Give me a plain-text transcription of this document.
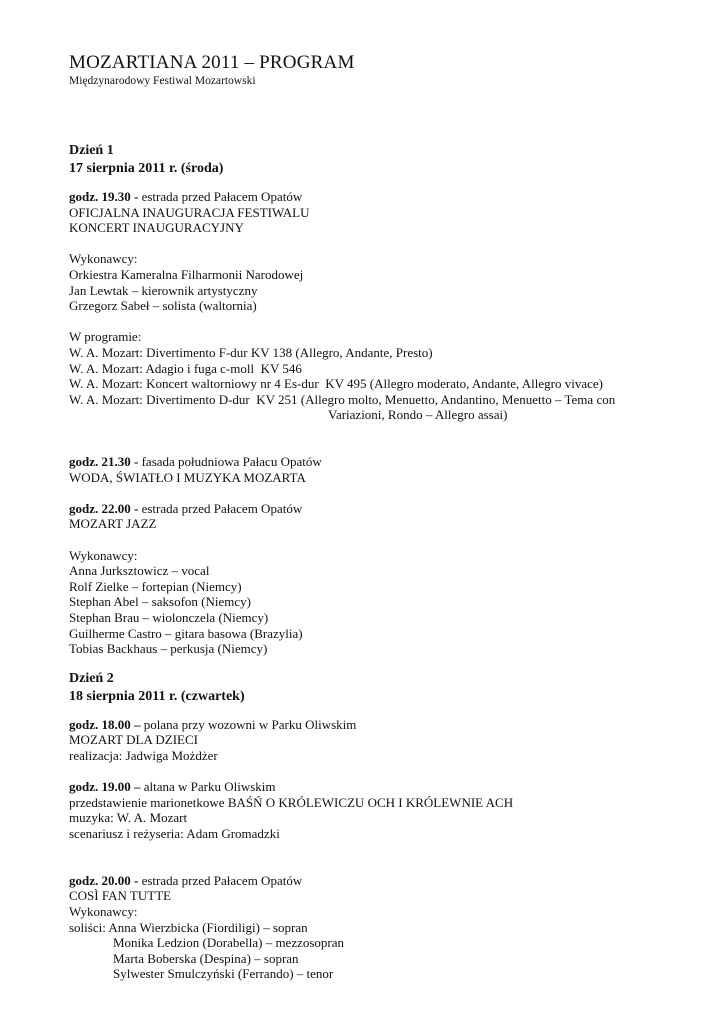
MOZARTIANA 2011 – PROGRAM

Międzynarodowy Festiwal Mozartowski

Dzień 1

17 sierpnia 2011 r. (środa)

godz. 19.30 - estrada przed Pałacem Opatów

OFICJALNA INAUGURACJA FESTIWALU

KONCERT INAUGURACYJNY

Wykonawcy:

Orkiestra Kameralna Filharmonii Narodowej

Jan Lewtak – kierownik artystyczny

Grzegorz Sabeł – solista (waltornia)

W programie:

W. A. Mozart: Divertimento F-dur KV 138 (Allegro, Andante, Presto)

W. A. Mozart: Adagio i fuga c-moll  KV 546

W. A. Mozart: Koncert waltorniowy nr 4 Es-dur  KV 495 (Allegro moderato, Andante, Allegro vivace)

W. A. Mozart: Divertimento D-dur  KV 251 (Allegro molto, Menuetto, Andantino, Menuetto – Tema con

Variazioni, Rondo – Allegro assai)

godz. 21.30 - fasada południowa Pałacu Opatów

WODA, ŚWIATŁO I MUZYKA MOZARTA

godz. 22.00 - estrada przed Pałacem Opatów

MOZART JAZZ

Wykonawcy:

Anna Jurksztowicz – vocal

Rolf Zielke – fortepian (Niemcy)

Stephan Abel – saksofon (Niemcy)

Stephan Brau – wiolonczela (Niemcy)

Guilherme Castro – gitara basowa (Brazylia)

Tobias Backhaus – perkusja (Niemcy)

Dzień 2

18 sierpnia 2011 r. (czwartek)

godz. 18.00 – polana przy wozowni w Parku Oliwskim

MOZART DLA DZIECI

realizacja: Jadwiga Możdżer

godz. 19.00 – altana w Parku Oliwskim

przedstawienie marionetkowe BAŚŃ O KRÓLEWICZU OCH I KRÓLEWNIE ACH

muzyka: W. A. Mozart

scenariusz i reżyseria: Adam Gromadzki

godz. 20.00 - estrada przed Pałacem Opatów

COSÌ FAN TUTTE

Wykonawcy:

soliści: Anna Wierzbicka (Fiordiligi) – sopran

Monika Ledzion (Dorabella) – mezzosopran

Marta Boberska (Despina) – sopran

Sylwester Smulczyński (Ferrando) – tenor
